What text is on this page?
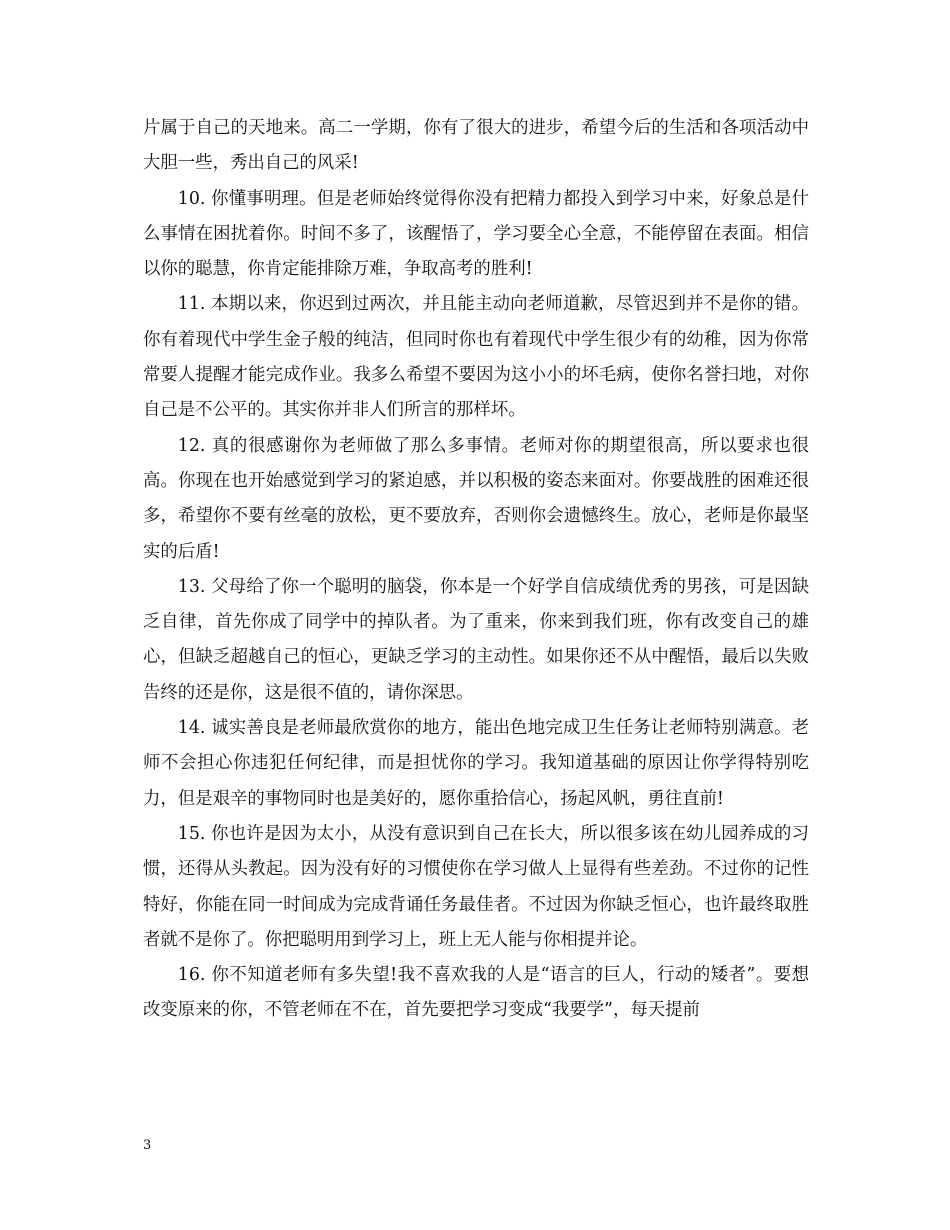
片属于自己的天地来。高二一学期，你有了很大的进步，希望今后的生活和各项活动中大胆一些，秀出自己的风采!

10. 你懂事明理。但是老师始终觉得你没有把精力都投入到学习中来，好象总是什么事情在困扰着你。时间不多了，该醒悟了，学习要全心全意，不能停留在表面。相信以你的聪慧，你肯定能排除万难，争取高考的胜利!

11. 本期以来，你迟到过两次，并且能主动向老师道歉，尽管迟到并不是你的错。你有着现代中学生金子般的纯洁，但同时你也有着现代中学生很少有的幼稚，因为你常常要人提醒才能完成作业。我多么希望不要因为这小小的坏毛病，使你名誉扫地，对你自己是不公平的。其实你并非人们所言的那样坏。

12. 真的很感谢你为老师做了那么多事情。老师对你的期望很高，所以要求也很高。你现在也开始感觉到学习的紧迫感，并以积极的姿态来面对。你要战胜的困难还很多，希望你不要有丝毫的放松，更不要放弃，否则你会遗憾终生。放心，老师是你最坚实的后盾!

13. 父母给了你一个聪明的脑袋，你本是一个好学自信成绩优秀的男孩，可是因缺乏自律，首先你成了同学中的掉队者。为了重来，你来到我们班，你有改变自己的雄心，但缺乏超越自己的恒心，更缺乏学习的主动性。如果你还不从中醒悟，最后以失败告终的还是你，这是很不值的，请你深思。

14. 诚实善良是老师最欣赏你的地方，能出色地完成卫生任务让老师特别满意。老师不会担心你违犯任何纪律，而是担忧你的学习。我知道基础的原因让你学得特别吃力，但是艰辛的事物同时也是美好的，愿你重拾信心，扬起风帆，勇往直前!

15. 你也许是因为太小，从没有意识到自己在长大，所以很多该在幼儿园养成的习惯，还得从头教起。因为没有好的习惯使你在学习做人上显得有些差劲。不过你的记性特好，你能在同一时间成为完成背诵任务最佳者。不过因为你缺乏恒心，也许最终取胜者就不是你了。你把聪明用到学习上，班上无人能与你相提并论。

16. 你不知道老师有多失望!我不喜欢我的人是“语言的巨人，行动的矮者”。要想改变原来的你，不管老师在不在，首先要把学习变成“我要学”，每天提前

3
